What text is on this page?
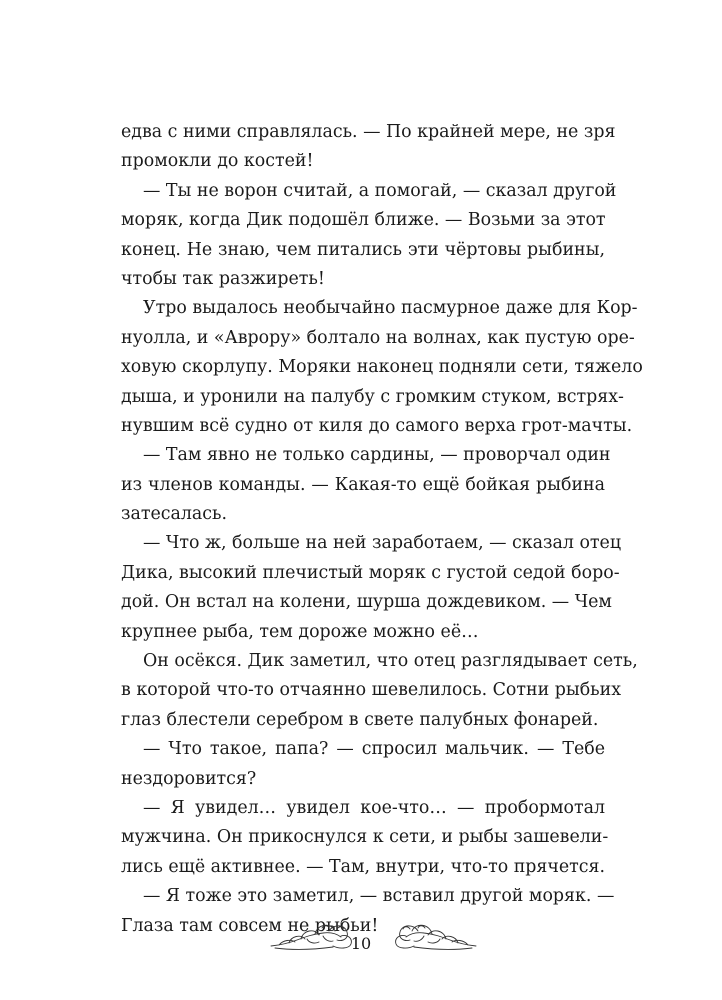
едва с ними справлялась. — По крайней мере, не зря
промокли до костей!
— Ты не ворон считай, а помогай, — сказал другой
моряк, когда Дик подошёл ближе. — Возьми за этот
конец. Не знаю, чем питались эти чёртовы рыбины,
чтобы так разжиреть!
Утро выдалось необычайно пасмурное даже для Кор-
нуолла, и «Аврору» болтало на волнах, как пустую оре-
ховую скорлупу. Моряки наконец подняли сети, тяжело
дыша, и уронили на палубу с громким стуком, встрях-
нувшим всё судно от киля до самого верха грот-мачты.
— Там явно не только сардины, — проворчал один
из членов команды. — Какая-то ещё бойкая рыбина
затесалась.
— Что ж, больше на ней заработаем, — сказал отец
Дика, высокий плечистый моряк с густой седой боро-
дой. Он встал на колени, шурша дождевиком. — Чем
крупнее рыба, тем дороже можно её…
Он осёкся. Дик заметил, что отец разглядывает сеть,
в которой что-то отчаянно шевелилось. Сотни рыбьих
глаз блестели серебром в свете палубных фонарей.
— Что такое, папа? — спросил мальчик. — Тебе
нездоровится?
— Я увидел… увидел кое-что… — пробормотал
мужчина. Он прикоснулся к сети, и рыбы зашевели-
лись ещё активнее. — Там, внутри, что-то прячется.
— Я тоже это заметил, — вставил другой моряк. —
Глаза там совсем не рыбьи!
10
